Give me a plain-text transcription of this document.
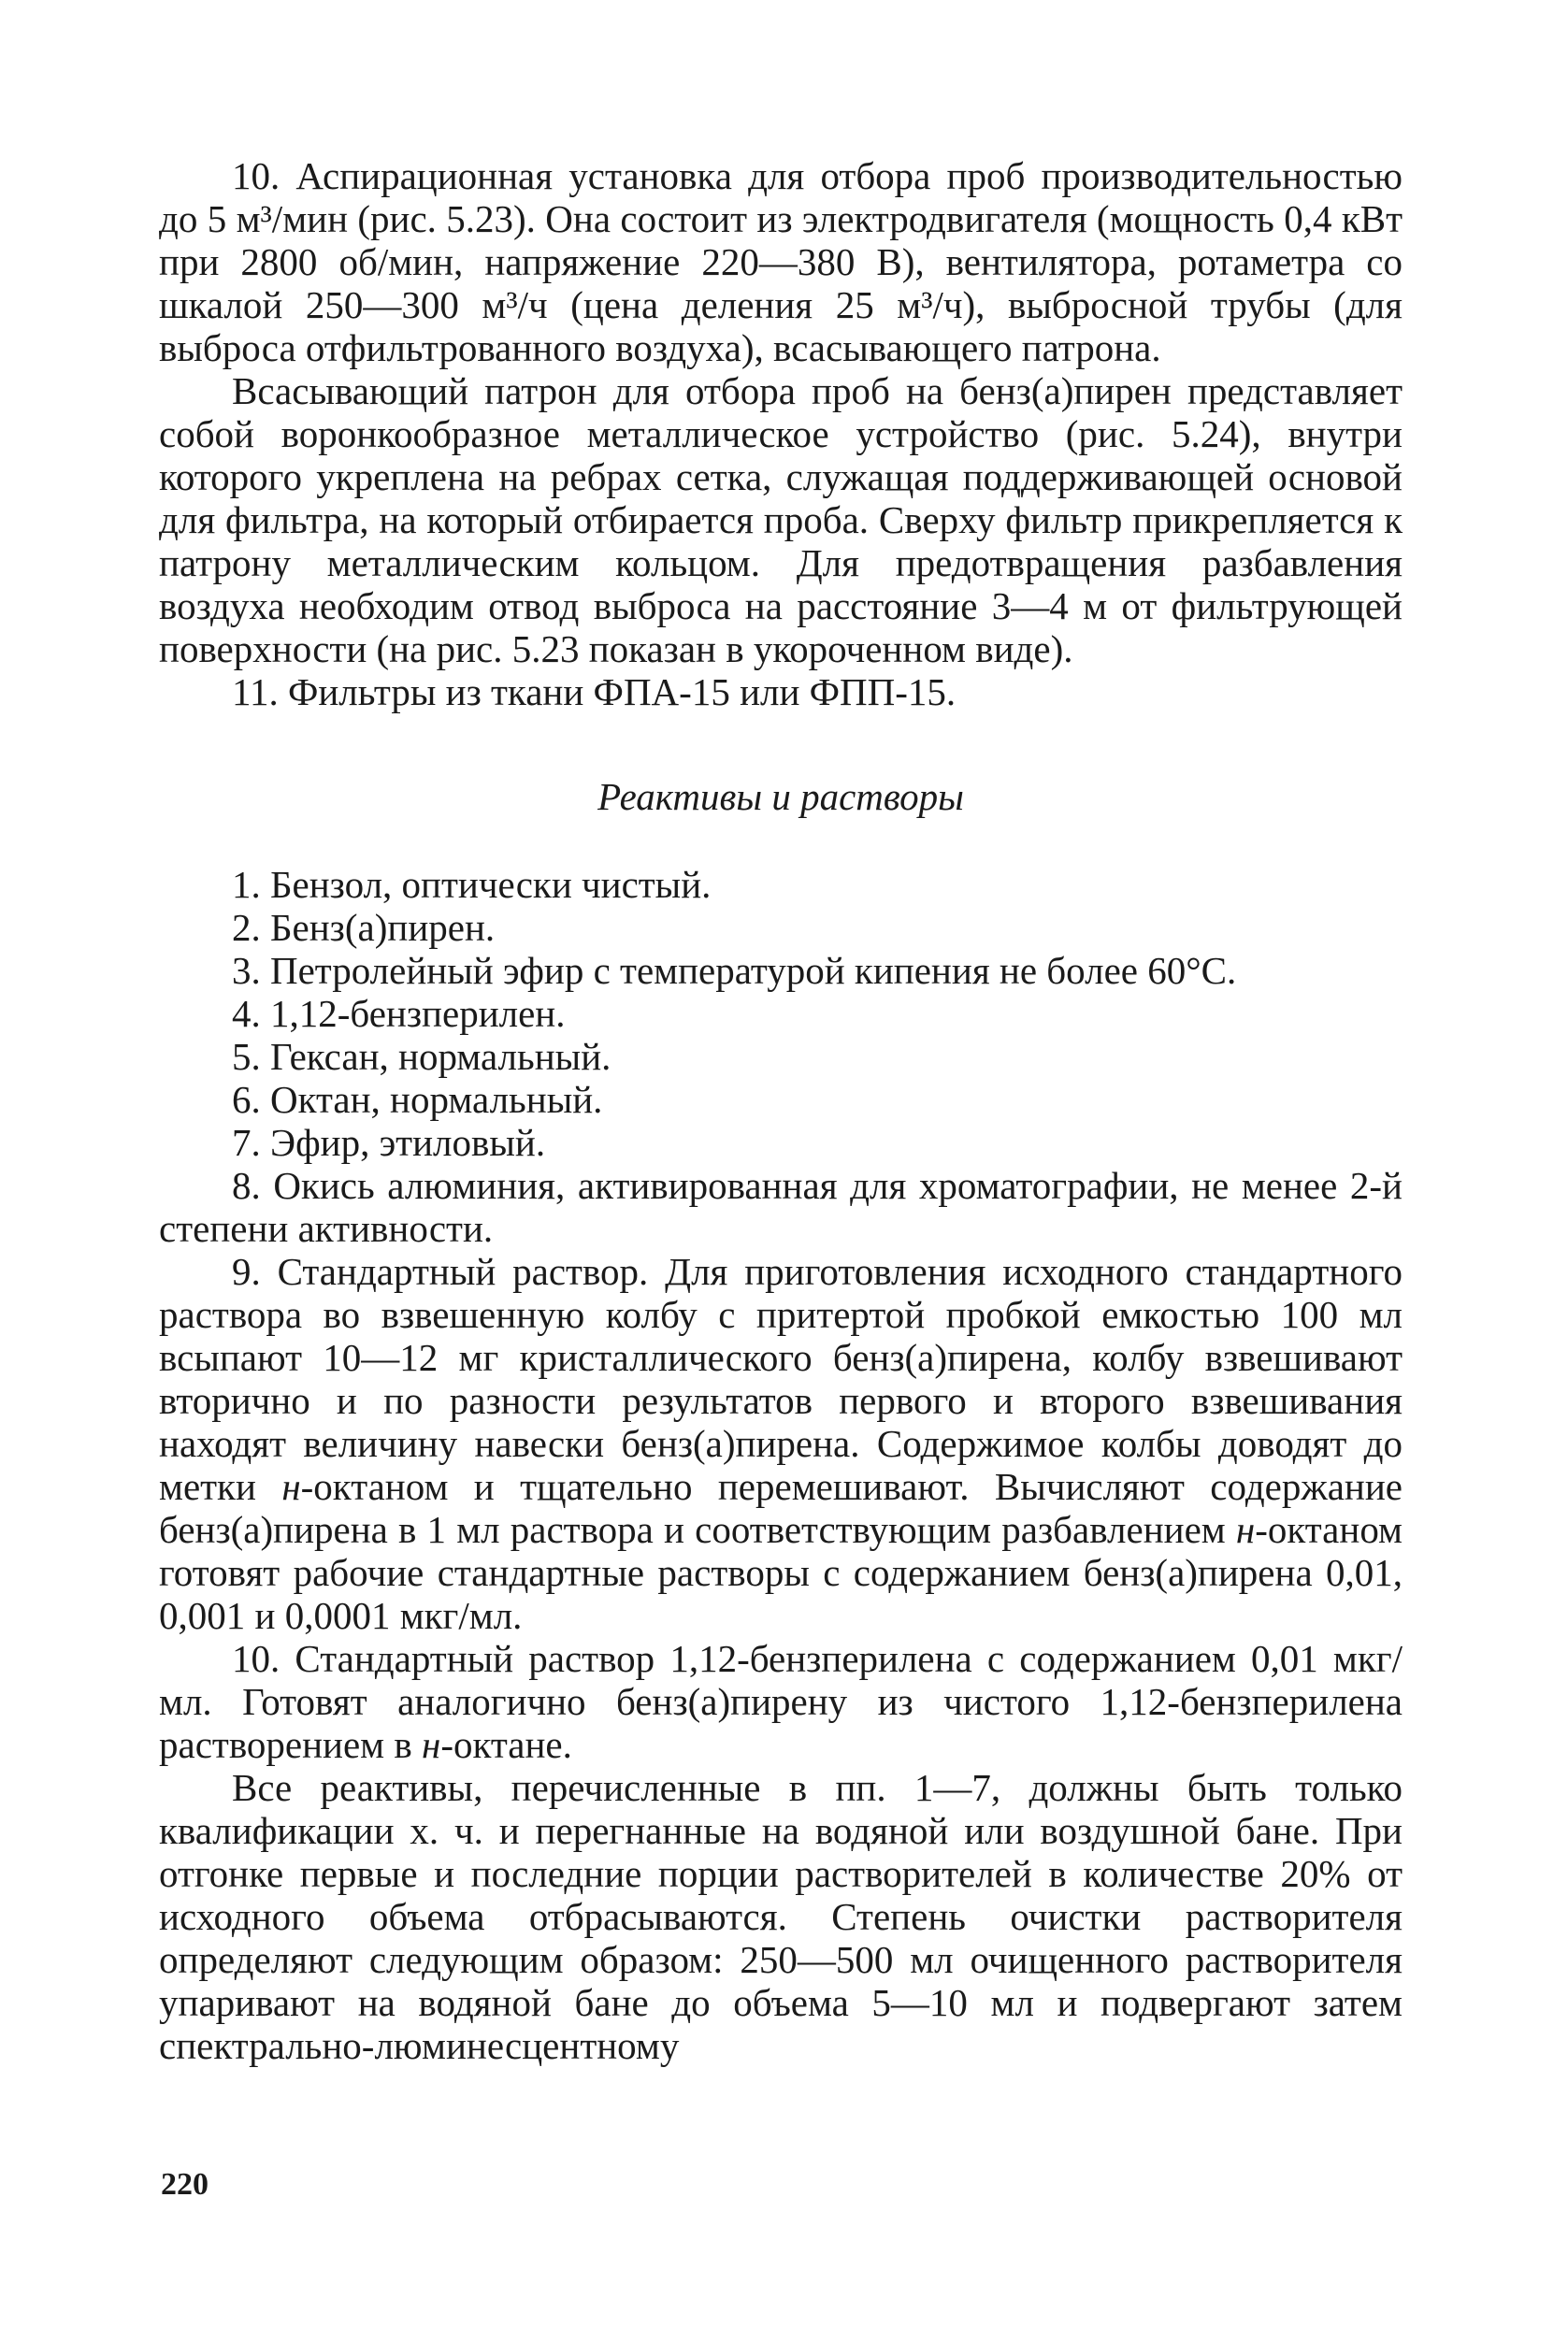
10. Аспирационная установка для отбора проб производительностью до 5 м³/мин (рис. 5.23). Она состоит из электродвигателя (мощность 0,4 кВт при 2800 об/мин, напряжение 220—380 В), вентилятора, ротаметра со шкалой 250—300 м³/ч (цена деления 25 м³/ч), выбросной трубы (для выброса отфильтрованного воздуха), всасывающего патрона.

Всасывающий патрон для отбора проб на бенз(а)пирен представляет собой воронкообразное металлическое устройство (рис. 5.24), внутри которого укреплена на ребрах сетка, служащая поддерживающей основой для фильтра, на который отбирается проба. Сверху фильтр прикрепляется к патрону металлическим кольцом. Для предотвращения разбавления воздуха необходим отвод выброса на расстояние 3—4 м от фильтрующей поверхности (на рис. 5.23 показан в укороченном виде).

11. Фильтры из ткани ФПА-15 или ФПП-15.

Реактивы и растворы

1. Бензол, оптически чистый.

2. Бенз(а)пирен.

3. Петролейный эфир с температурой кипения не более 60°С.

4. 1,12-бензперилен.

5. Гексан, нормальный.

6. Октан, нормальный.

7. Эфир, этиловый.

8. Окись алюминия, активированная для хроматографии, не менее 2-й степени активности.

9. Стандартный раствор. Для приготовления исходного стандартного раствора во взвешенную колбу с притертой пробкой емкостью 100 мл всыпают 10—12 мг кристаллического бенз(а)пирена, колбу взвешивают вторично и по разности результатов первого и второго взвешивания находят величину навески бенз(а)пирена. Содержимое колбы доводят до метки н-октаном и тщательно перемешивают. Вычисляют содержание бенз(а)пирена в 1 мл раствора и соответствующим разбавлением н-октаном готовят рабочие стандартные растворы с содержанием бенз(а)пирена 0,01, 0,001 и 0,0001 мкг/мл.

10. Стандартный раствор 1,12-бензперилена с содержанием 0,01 мкг/мл. Готовят аналогично бенз(а)пирену из чистого 1,12-бензперилена растворением в н-октане.

Все реактивы, перечисленные в пп. 1—7, должны быть только квалификации х. ч. и перегнанные на водяной или воздушной бане. При отгонке первые и последние порции растворителей в количестве 20% от исходного объема отбрасываются. Степень очистки растворителя определяют следующим образом: 250—500 мл очищенного растворителя упаривают на водяной бане до объема 5—10 мл и подвергают затем спектрально-люминесцентному

220
